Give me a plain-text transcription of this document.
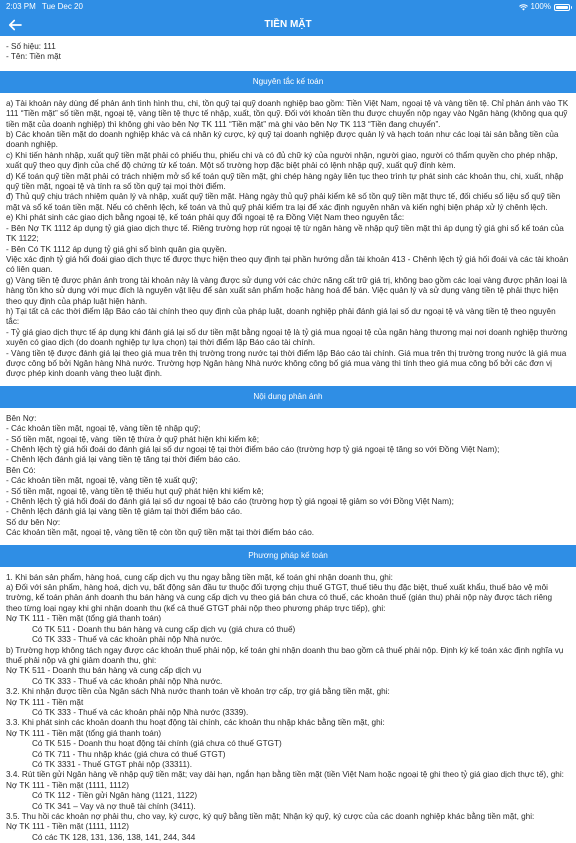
2:03 PM Tue Dec 20	100%
TIỀN MẶT
- Số hiệu: 111
- Tên: Tiền mặt
Nguyên tắc kế toán
a) Tài khoản này dùng để phản ánh tình hình thu, chi, tồn quỹ tại quỹ doanh nghiệp bao gồm: Tiền Việt Nam, ngoại tệ và vàng tiền tệ. Chỉ phản ánh vào TK 111 “Tiền mặt” số tiền mặt, ngoại tệ, vàng tiền tệ thực tế nhập, xuất, tồn quỹ. Đối với khoản tiền thu được chuyển nộp ngay vào Ngân hàng (không qua quỹ tiền mặt của doanh nghiệp) thì không ghi vào bên Nợ TK 111 “Tiền mặt” mà ghi vào bên Nợ TK 113 “Tiền đang chuyển”.
b) Các khoản tiền mặt do doanh nghiệp khác và cá nhân ký cược, ký quỹ tại doanh nghiệp được quản lý và hạch toán như các loại tài sản bằng tiền của doanh nghiệp.
c) Khi tiến hành nhập, xuất quỹ tiền mặt phải có phiếu thu, phiếu chi và có đủ chữ ký của người nhận, người giao, người có thẩm quyền cho phép nhập, xuất quỹ theo quy định của chế độ chứng từ kế toán. Một số trường hợp đặc biệt phải có lệnh nhập quỹ, xuất quỹ đính kèm.
d) Kế toán quỹ tiền mặt phải có trách nhiệm mở sổ kế toán quỹ tiền mặt, ghi chép hàng ngày liên tục theo trình tự phát sinh các khoản thu, chi, xuất, nhập quỹ tiền mặt, ngoại tệ và tính ra số tồn quỹ tại mọi thời điểm.
đ) Thủ quỹ chịu trách nhiệm quản lý và nhập, xuất quỹ tiền mặt. Hàng ngày thủ quỹ phải kiểm kê số tồn quỹ tiền mặt thực tế, đối chiếu số liệu sổ quỹ tiền mặt và sổ kế toán tiền mặt. Nếu có chênh lệch, kế toán và thủ quỹ phải kiểm tra lại để xác định nguyên nhân và kiến nghị biện pháp xử lý chênh lệch.
e) Khi phát sinh các giao dịch bằng ngoại tệ, kế toán phải quy đổi ngoại tệ ra Đồng Việt Nam theo nguyên tắc:
- Bên Nợ TK 1112 áp dụng tỷ giá giao dịch thực tế. Riêng trường hợp rút ngoại tệ từ ngân hàng về nhập quỹ tiền mặt thì áp dụng tỷ giá ghi sổ kế toán của TK 1122;
- Bên Có TK 1112 áp dụng tỷ giá ghi sổ bình quân gia quyền.
Việc xác định tỷ giá hối đoái giao dịch thực tế được thực hiện theo quy định tại phần hướng dẫn tài khoản 413 - Chênh lệch tỷ giá hối đoái và các tài khoản có liên quan.
g) Vàng tiền tệ được phản ánh trong tài khoản này là vàng được sử dụng với các chức năng cất trữ giá trị, không bao gồm các loại vàng được phân loại là hàng tồn kho sử dụng với mục đích là nguyên vật liệu để sản xuất sản phẩm hoặc hàng hoá để bán. Việc quản lý và sử dụng vàng tiền tệ phải thực hiện theo quy định của pháp luật hiện hành.
h) Tại tất cả các thời điểm lập Báo cáo tài chính theo quy định của pháp luật, doanh nghiệp phải đánh giá lại số dư ngoại tệ và vàng tiền tệ theo nguyên tắc:
- Tỷ giá giao dịch thực tế áp dụng khi đánh giá lại số dư tiền mặt bằng ngoại tệ là tỷ giá mua ngoại tệ của ngân hàng thương mại nơi doanh nghiệp thường xuyên có giao dịch (do doanh nghiệp tự lựa chọn) tại thời điểm lập Báo cáo tài chính.
- Vàng tiền tệ được đánh giá lại theo giá mua trên thị trường trong nước tại thời điểm lập Báo cáo tài chính. Giá mua trên thị trường trong nước là giá mua được công bố bởi Ngân hàng Nhà nước. Trường hợp Ngân hàng Nhà nước không công bố giá mua vàng thì tính theo giá mua công bố bởi các đơn vị được phép kinh doanh vàng theo luật định.
Nội dung phản ánh
Bên Nợ:
- Các khoản tiền mặt, ngoại tệ, vàng tiền tệ nhập quỹ;
- Số tiền mặt, ngoại tệ, vàng  tiền tệ thừa ở quỹ phát hiện khi kiểm kê;
- Chênh lệch tỷ giá hối đoái do đánh giá lại số dư ngoại tệ tại thời điểm báo cáo (trường hợp tỷ giá ngoại tệ tăng so với Đồng Việt Nam);
- Chênh lệch đánh giá lại vàng tiền tệ tăng tại thời điểm báo cáo.
Bên Có:
- Các khoản tiền mặt, ngoại tệ, vàng tiền tệ xuất quỹ;
- Số tiền mặt, ngoại tệ, vàng tiền tệ thiếu hụt quỹ phát hiện khi kiểm kê;
- Chênh lệch tỷ giá hối đoái do đánh giá lại số dư ngoại tệ báo cáo (trường hợp tỷ giá ngoại tệ giảm so với Đồng Việt Nam);
- Chênh lệch đánh giá lại vàng tiền tệ giảm tại thời điểm báo cáo.
Số dư bên Nợ:
Các khoản tiền mặt, ngoại tệ, vàng tiền tệ còn tồn quỹ tiền mặt tại thời điểm báo cáo.
Phương pháp kế toán
1. Khi bán sản phẩm, hàng hoá, cung cấp dịch vụ thu ngay bằng tiền mặt, kế toán ghi nhận doanh thu, ghi:
a) Đối với sản phẩm, hàng hoá, dịch vụ, bất động sản đầu tư thuộc đối tượng chịu thuế GTGT, thuế tiêu thụ đặc biệt, thuế xuất khẩu, thuế bảo vệ môi trường, kế toán phản ánh doanh thu bán hàng và cung cấp dịch vụ theo giá bán chưa có thuế, các khoản thuế (gián thu) phải nộp này được tách riêng theo từng loại ngay khi ghi nhận doanh thu (kể cả thuế GTGT phải nộp theo phương pháp trực tiếp), ghi:
Nợ TK 111 - Tiền mặt (tổng giá thanh toán)
Có TK 511 - Doanh thu bán hàng và cung cấp dịch vụ (giá chưa có thuế)
Có TK 333 - Thuế và các khoản phải nộp Nhà nước.
b) Trường hợp không tách ngay được các khoản thuế phải nộp, kế toán ghi nhận doanh thu bao gồm cả thuế phải nộp. Định kỳ kế toán xác định nghĩa vụ thuế phải nộp và ghi giảm doanh thu, ghi:
Nợ TK 511 - Doanh thu bán hàng và cung cấp dịch vụ
Có TK 333 - Thuế và các khoản phải nộp Nhà nước.
3.2. Khi nhận được tiền của Ngân sách Nhà nước thanh toán về khoản trợ cấp, trợ giá bằng tiền mặt, ghi:
Nợ TK 111 - Tiền mặt
Có TK 333 - Thuế và các khoản phải nộp Nhà nước (3339).
3.3. Khi phát sinh các khoản doanh thu hoạt động tài chính, các khoản thu nhập khác bằng tiền mặt, ghi:
Nợ TK 111 - Tiền mặt (tổng giá thanh toán)
Có TK 515 - Doanh thu hoạt động tài chính (giá chưa có thuế GTGT)
Có TK 711 - Thu nhập khác (giá chưa có thuế GTGT)
Có TK 3331 - Thuế GTGT phải nộp (33311).
3.4. Rút tiền gửi Ngân hàng về nhập quỹ tiền mặt; vay dài hạn, ngắn hạn bằng tiền mặt (tiền Việt Nam hoặc ngoại tệ ghi theo tỷ giá giao dịch thực tế), ghi:
Nợ TK 111 - Tiền mặt (1111, 1112)
Có TK 112 - Tiền gửi Ngân hàng (1121, 1122)
Có TK 341 – Vay và nợ thuê tài chính (3411).
3.5. Thu hồi các khoản nợ phải thu, cho vay, ký cược, ký quỹ bằng tiền mặt; Nhận ký quỹ, ký cược của các doanh nghiệp khác bằng tiền mặt, ghi:
Nợ TK 111 - Tiền mặt (1111, 1112)
Có các TK 128, 131, 136, 138, 141, 244, 344
